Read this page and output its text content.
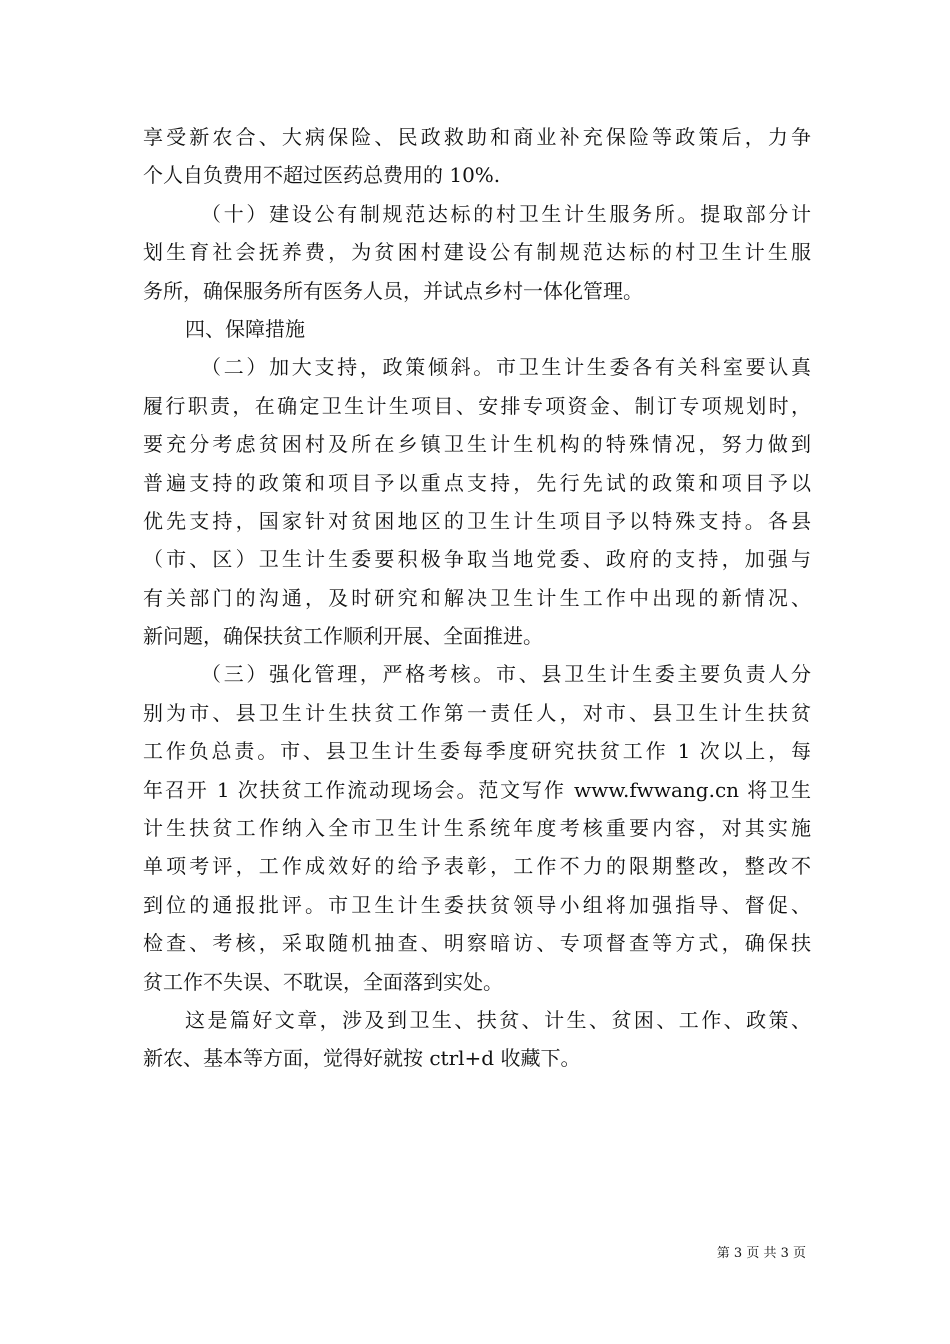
享受新农合、大病保险、民政救助和商业补充保险等政策后，力争
个人自负费用不超过医药总费用的 10%.
（十）建设公有制规范达标的村卫生计生服务所。提取部分计
划生育社会抚养费，为贫困村建设公有制规范达标的村卫生计生服
务所，确保服务所有医务人员，并试点乡村一体化管理。
四、保障措施
（二）加大支持，政策倾斜。市卫生计生委各有关科室要认真
履行职责，在确定卫生计生项目、安排专项资金、制订专项规划时，
要充分考虑贫困村及所在乡镇卫生计生机构的特殊情况，努力做到
普遍支持的政策和项目予以重点支持，先行先试的政策和项目予以
优先支持，国家针对贫困地区的卫生计生项目予以特殊支持。各县
（市、区）卫生计生委要积极争取当地党委、政府的支持，加强与
有关部门的沟通，及时研究和解决卫生计生工作中出现的新情况、
新问题，确保扶贫工作顺利开展、全面推进。
（三）强化管理，严格考核。市、县卫生计生委主要负责人分
别为市、县卫生计生扶贫工作第一责任人，对市、县卫生计生扶贫
工作负总责。市、县卫生计生委每季度研究扶贫工作 1 次以上，每
年召开 1 次扶贫工作流动现场会。范文写作 www.fwwang.cn 将卫生
计生扶贫工作纳入全市卫生计生系统年度考核重要内容，对其实施
单项考评，工作成效好的给予表彰，工作不力的限期整改，整改不
到位的通报批评。市卫生计生委扶贫领导小组将加强指导、督促、
检查、考核，采取随机抽查、明察暗访、专项督查等方式，确保扶
贫工作不失误、不耽误，全面落到实处。
这是篇好文章，涉及到卫生、扶贫、计生、贫困、工作、政策、
新农、基本等方面，觉得好就按 ctrl+d 收藏下。
第 3 页 共 3 页
